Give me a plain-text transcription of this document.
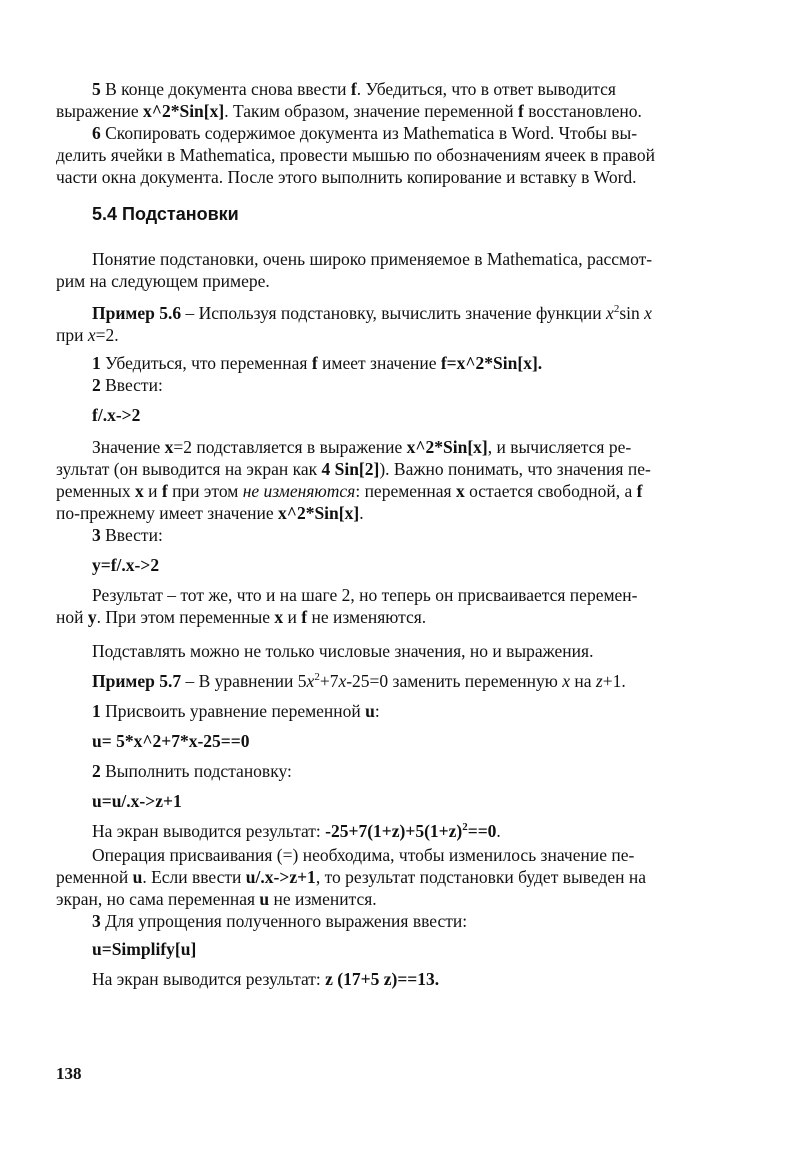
5 В конце документа снова ввести f. Убедиться, что в ответ выводится
выражение x^2*Sin[x]. Таким образом, значение переменной f восстановлено.
6 Скопировать содержимое документа из Mathematica в Word. Чтобы вы-
делить ячейки в Mathematica, провести мышью по обозначениям ячеек в правой
части окна документа. После этого выполнить копирование и вставку в Word.
5.4 Подстановки
Понятие подстановки, очень широко применяемое в Mathematica, рассмот-
рим на следующем примере.
Пример 5.6 – Используя подстановку, вычислить значение функции $x^2\sin$ x
при x=2.
1 Убедиться, что переменная f имеет значение f=x^2*Sin[x].
2 Ввести:
f/.x->2
Значение x=2 подставляется в выражение x^2*Sin[x], и вычисляется ре-
зультат (он выводится на экран как 4 Sin[2]). Важно понимать, что значения пе-
ременных x и f при этом не изменяются: переменная x остается свободной, а f
по-прежнему имеет значение x^2*Sin[x].
3 Ввести:
y=f/.x->2
Результат – тот же, что и на шаге 2, но теперь он присваивается перемен-
ной y. При этом переменные x и f не изменяются.
Подставлять можно не только числовые значения, но и выражения.
Пример 5.7 – В уравнении $5x^2+7x-25=0$ заменить переменную x на z+1.
1 Присвоить уравнение переменной u:
u= 5*x^2+7*x-25==0
2 Выполнить подстановку:
u=u/.x->z+1
На экран выводится результат: $-25+7(1+z)+5(1+z)^2==0$.
Операция присваивания (=) необходима, чтобы изменилось значение пе-
ременной u. Если ввести u/.x->z+1, то результат подстановки будет выведен на
экран, но сама переменная u не изменится.
3 Для упрощения полученного выражения ввести:
u=Simplify[u]
На экран выводится результат: z (17+5 z)==13.
138
